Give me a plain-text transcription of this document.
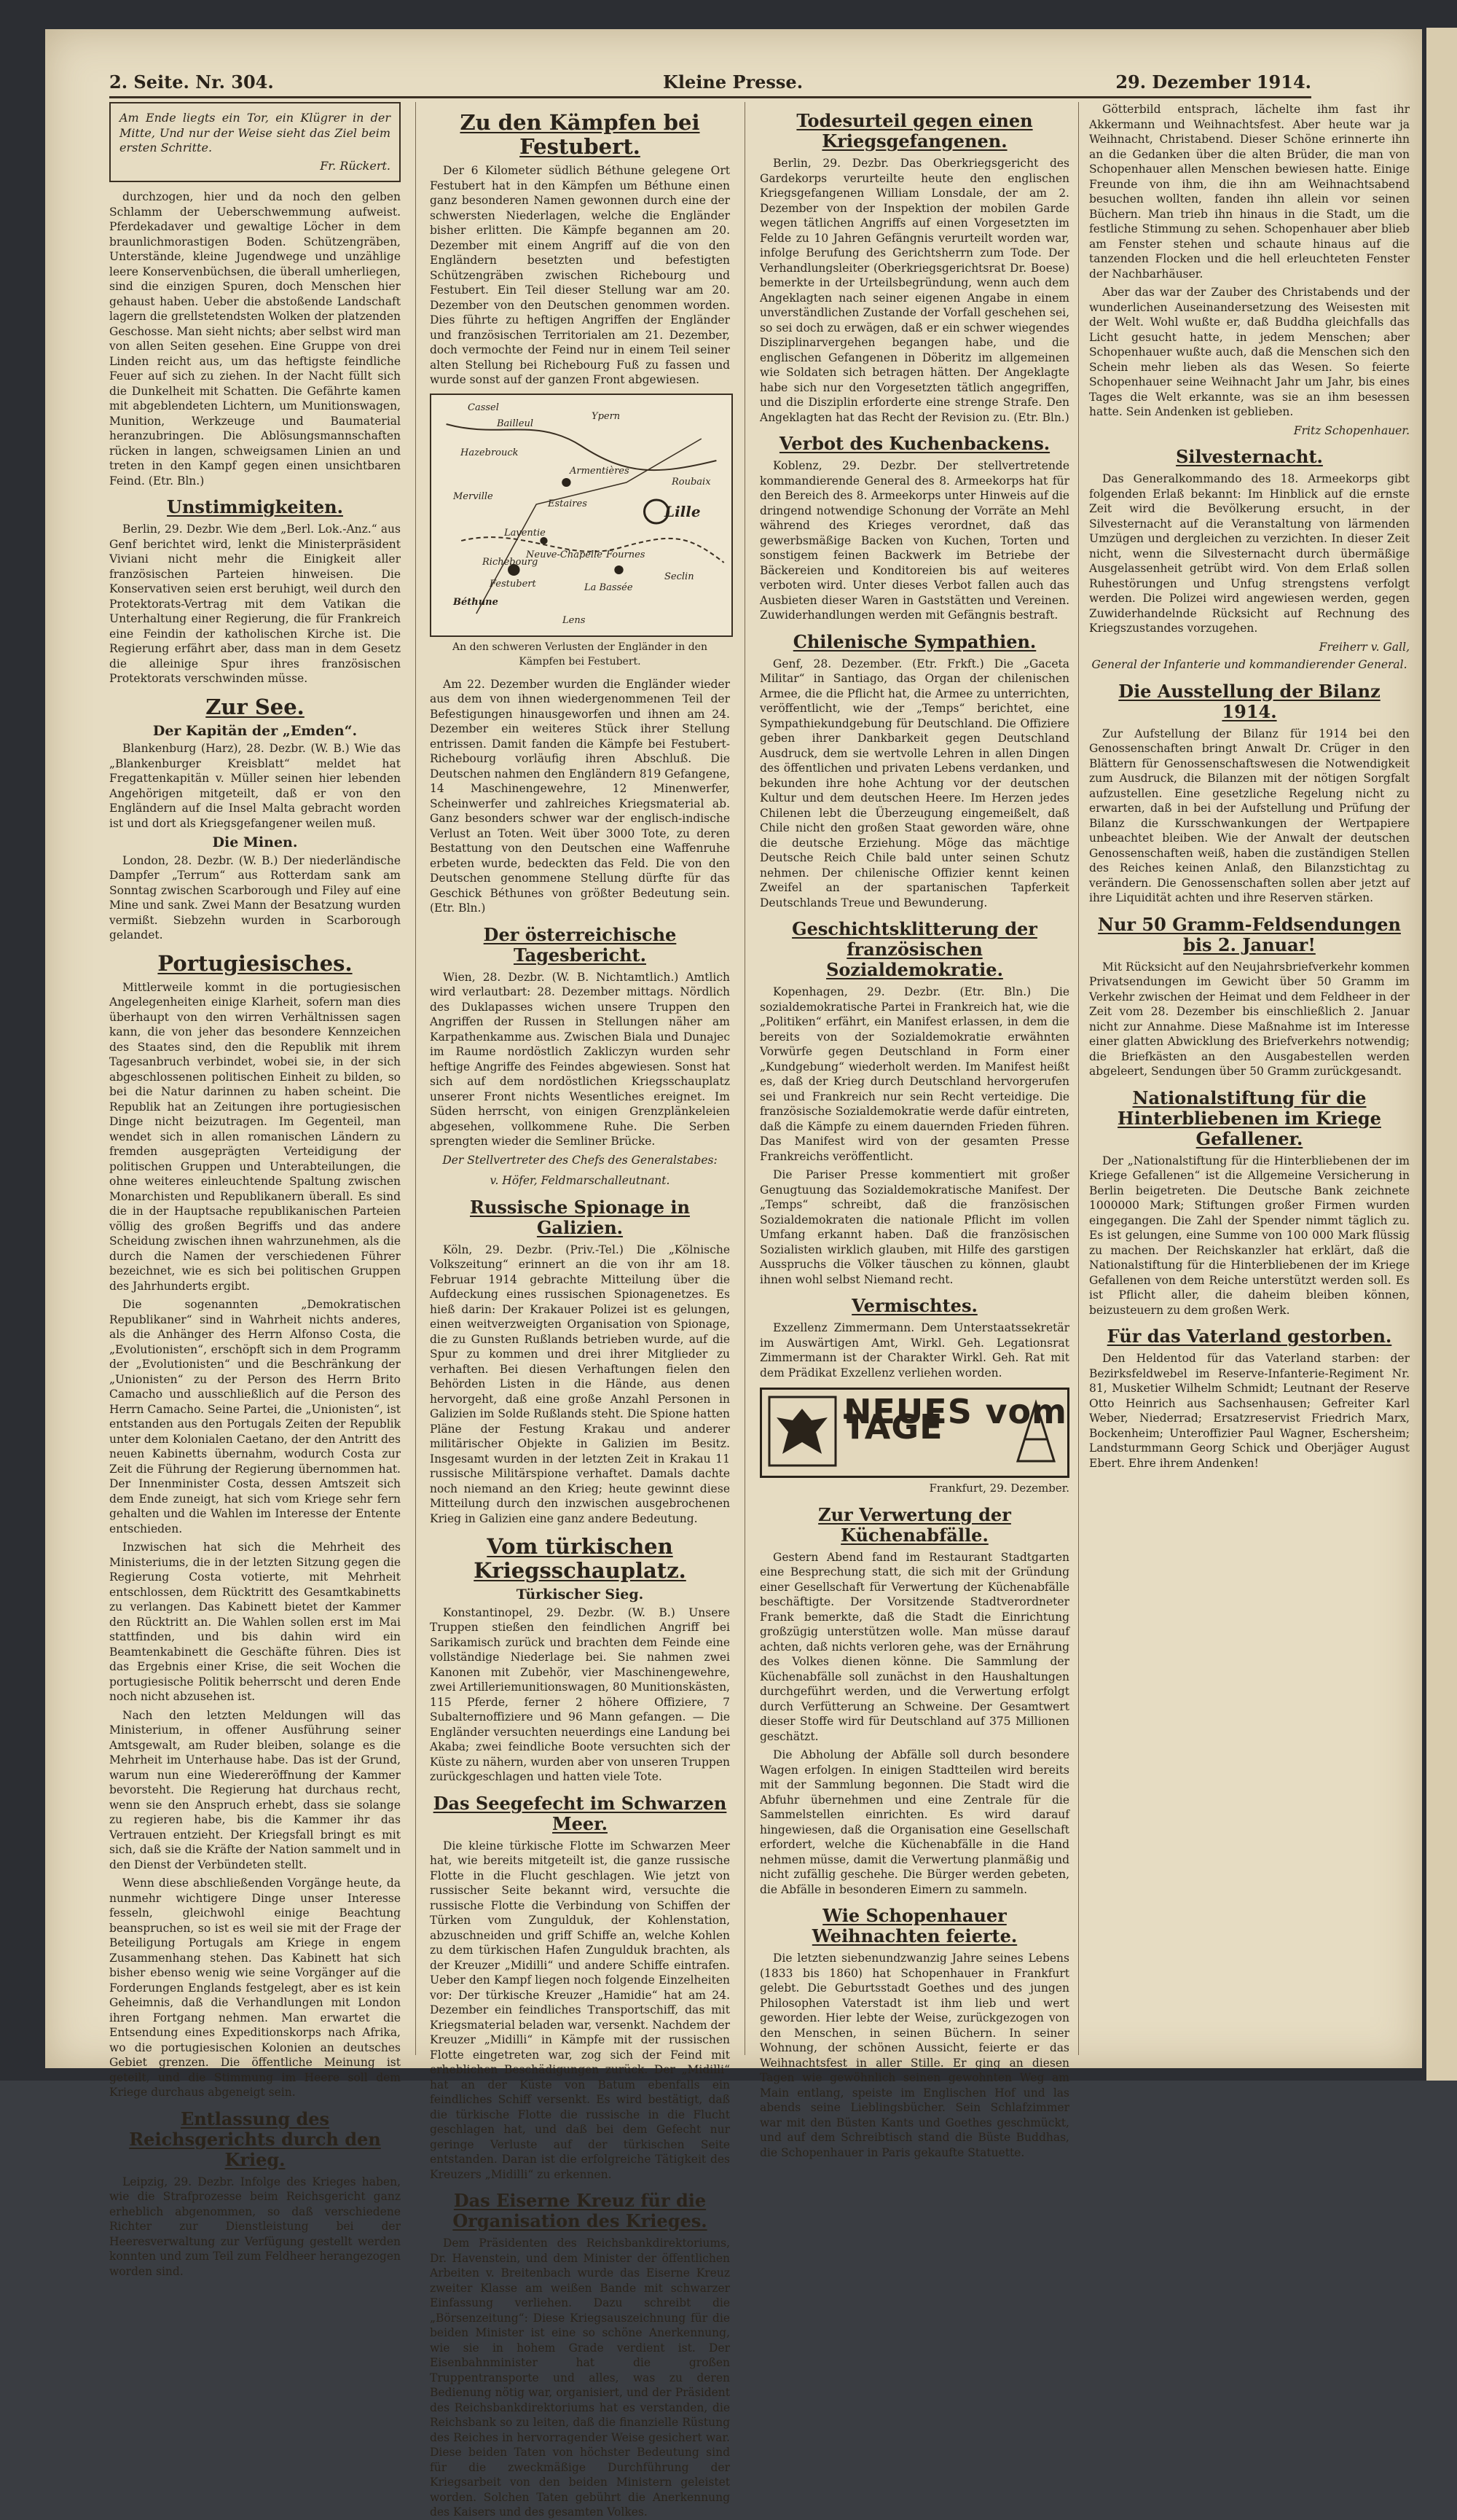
2. Seite. Nr. 304.	Kleine Presse.	29. Dezember 1914.
Am Ende liegts ein Tor, ein Klügrer in der Mitte, Und nur der Weise sieht das Ziel beim ersten Schritte.
Fr. Rückert.

durchzogen, hier und da noch den gelben Schlamm der Ueberschwemmung aufweist. Pferdekadaver und gewaltige Löcher in dem braunlichmorastigen Boden. Schützengräben, Unterstände, kleine Jugendwege und unzählige leere Konservenbüchsen, die überall umherliegen, sind die einzigen Spuren, doch Menschen hier gehaust haben. Ueber die abstoßende Landschaft lagern die grellstetendsten Wolken der platzenden Geschosse. Man sieht nichts; aber selbst wird man von allen Seiten gesehen. Eine Gruppe von drei Linden reicht aus, um das heftigste feindliche Feuer auf sich zu ziehen. In der Nacht füllt sich die Dunkelheit mit Schatten. Die Gefährte kamen mit abgeblendeten Lichtern, um Munitionswagen, Munition, Werkzeuge und Baumaterial heranzubringen. Die Ablösungsmannschaften rücken in langen, schweigsamen Linien an und treten in den Kampf gegen einen unsichtbaren Feind. (Etr. Bln.)

Unstimmigkeiten.

Berlin, 29. Dezbr. Wie dem „Berl. Lok.-Anz.“ aus Genf berichtet wird, lenkt die Ministerpräsident Viviani nicht mehr die Einigkeit aller französischen Parteien hinweisen. Die Konservativen seien erst beruhigt, weil durch den Protektorats-Vertrag mit dem Vatikan die Unterhaltung einer Regierung, die für Frankreich eine Feindin der katholischen Kirche ist. Die Regierung erfährt aber, dass man in dem Gesetz die alleinige Spur ihres französischen Protektorats verschwinden müsse.

Zur See.
Der Kapitän der „Emden“.

Blankenburg (Harz), 28. Dezbr. (W. B.) Wie das „Blankenburger Kreisblatt“ meldet hat Fregattenkapitän v. Müller seinen hier lebenden Angehörigen mitgeteilt, daß er von den Engländern auf die Insel Malta gebracht worden ist und dort als Kriegsgefangener weilen muß.

Die Minen.

London, 28. Dezbr. (W. B.) Der niederländische Dampfer „Terrum“ aus Rotterdam sank am Sonntag zwischen Scarborough und Filey auf eine Mine und sank. Zwei Mann der Besatzung wurden vermißt. Siebzehn wurden in Scarborough gelandet.

Portugiesisches.

Mittlerweile kommt in die portugiesischen Angelegenheiten einige Klarheit, sofern man dies überhaupt von den wirren Verhältnissen sagen kann, die von jeher das besondere Kennzeichen des Staates sind, den die Republik mit ihrem Tagesanbruch verbindet, wobei sie, in der sich abgeschlossenen politischen Einheit zu bilden, so bei die Natur darinnen zu haben scheint. Die Republik hat an Zeitungen ihre portugiesischen Dinge nicht beizutragen. Im Gegenteil, man wendet sich in allen romanischen Ländern zu fremden ausgeprägten Verteidigung der politischen Gruppen und Unterabteilungen, die ohne weiteres einleuchtende Spaltung zwischen Monarchisten und Republikanern überall. Es sind die in der Hauptsache republikanischen Parteien völlig des großen Begriffs und das andere Scheidung zwischen ihnen wahrzunehmen, als die durch die Namen der verschiedenen Führer bezeichnet, wie es sich bei politischen Gruppen des Jahrhunderts ergibt.

Die sogenannten „Demokratischen Republikaner“ sind in Wahrheit nichts anderes, als die Anhänger des Herrn Alfonso Costa, die „Evolutionisten“, erschöpft sich in dem Programm der „Evolutionisten“ und die Beschränkung der „Unionisten“ zu der Person des Herrn Brito Camacho und ausschließlich auf die Person des Herrn Camacho. Seine Partei, die „Unionisten“, ist entstanden aus den Portugals Zeiten der Republik unter dem Kolonialen Caetano, der den Antritt des neuen Kabinetts übernahm, wodurch Costa zur Zeit die Führung der Regierung übernommen hat. Der Innenminister Costa, dessen Amtszeit sich dem Ende zuneigt, hat sich vom Kriege sehr fern gehalten und die Wahlen im Interesse der Entente entschieden.

Inzwischen hat sich die Mehrheit des Ministeriums, die in der letzten Sitzung gegen die Regierung Costa votierte, mit Mehrheit entschlossen, dem Rücktritt des Gesamtkabinetts zu verlangen. Das Kabinett bietet der Kammer den Rücktritt an. Die Wahlen sollen erst im Mai stattfinden, und bis dahin wird ein Beamtenkabinett die Geschäfte führen. Dies ist das Ergebnis einer Krise, die seit Wochen die portugiesische Politik beherrscht und deren Ende noch nicht abzusehen ist.

Nach den letzten Meldungen will das Ministerium, in offener Ausführung seiner Amtsgewalt, am Ruder bleiben, solange es die Mehrheit im Unterhause habe. Das ist der Grund, warum nun eine Wiedereröffnung der Kammer bevorsteht. Die Regierung hat durchaus recht, wenn sie den Anspruch erhebt, dass sie solange zu regieren habe, bis die Kammer ihr das Vertrauen entzieht. Der Kriegsfall bringt es mit sich, daß sie die Kräfte der Nation sammelt und in den Dienst der Verbündeten stellt.

Wenn diese abschließenden Vorgänge heute, da nunmehr wichtigere Dinge unser Interesse fesseln, gleichwohl einige Beachtung beanspruchen, so ist es weil sie mit der Frage der Beteiligung Portugals am Kriege in engem Zusammenhang stehen. Das Kabinett hat sich bisher ebenso wenig wie seine Vorgänger auf die Forderungen Englands festgelegt, aber es ist kein Geheimnis, daß die Verhandlungen mit London ihren Fortgang nehmen. Man erwartet die Entsendung eines Expeditionskorps nach Afrika, wo die portugiesischen Kolonien an deutsches Gebiet grenzen. Die öffentliche Meinung ist geteilt, und die Stimmung im Heere soll dem Kriege durchaus abgeneigt sein.

Entlassung des Reichsgerichts durch den Krieg.

Leipzig, 29. Dezbr. Infolge des Krieges haben, wie die Strafprozesse beim Reichsgericht ganz erheblich abgenommen, so daß verschiedene Richter zur Dienstleistung bei der Heeresverwaltung zur Verfügung gestellt werden konnten und zum Teil zum Feldheer herangezogen worden sind.

Zu den Kämpfen bei Festubert.

Der 6 Kilometer südlich Béthune gelegene Ort Festubert hat in den Kämpfen um Béthune einen ganz besonderen Namen gewonnen durch eine der schwersten Niederlagen, welche die Engländer bisher erlitten. Die Kämpfe begannen am 20. Dezember mit einem Angriff auf die von den Engländern besetzten und befestigten Schützengräben zwischen Richebourg und Festubert. Ein Teil dieser Stellung war am 20. Dezember von den Deutschen genommen worden. Dies führte zu heftigen Angriffen der Engländer und französischen Territorialen am 21. Dezember, doch vermochte der Feind nur in einem Teil seiner alten Stellung bei Richebourg Fuß zu fassen und wurde sonst auf der ganzen Front abgewiesen.

Cassel
Bailleul
Ypern
Armentières
Hazebrouck
Estaires
Merville
Lille
Roubaix
Laventie
Neuve-Chapelle
Richebourg
Festubert
Béthune
La Bassée
Fournes
Seclin
Lens
An den schweren Verlusten der Engländer in den Kämpfen bei Festubert.

Am 22. Dezember wurden die Engländer wieder aus dem von ihnen wiedergenommenen Teil der Befestigungen hinausgeworfen und ihnen am 24. Dezember ein weiteres Stück ihrer Stellung entrissen. Damit fanden die Kämpfe bei Festubert-Richebourg vorläufig ihren Abschluß. Die Deutschen nahmen den Engländern 819 Gefangene, 14 Maschinengewehre, 12 Minenwerfer, Scheinwerfer und zahlreiches Kriegsmaterial ab. Ganz besonders schwer war der englisch-indische Verlust an Toten. Weit über 3000 Tote, zu deren Bestattung von den Deutschen eine Waffenruhe erbeten wurde, bedeckten das Feld. Die von den Deutschen genommene Stellung dürfte für das Geschick Béthunes von größter Bedeutung sein. (Etr. Bln.)

Der österreichische Tagesbericht.

Wien, 28. Dezbr. (W. B. Nichtamtlich.) Amtlich wird verlautbart: 28. Dezember mittags. Nördlich des Duklapasses wichen unsere Truppen den Angriffen der Russen in Stellungen näher am Karpathenkamme aus. Zwischen Biala und Dunajec im Raume nordöstlich Zakliczyn wurden sehr heftige Angriffe des Feindes abgewiesen. Sonst hat sich auf dem nordöstlichen Kriegsschauplatz unserer Front nichts Wesentliches ereignet. Im Süden herrscht, von einigen Grenzplänkeleien abgesehen, vollkommene Ruhe. Die Serben sprengten wieder die Semliner Brücke.

Der Stellvertreter des Chefs des Generalstabes:
v. Höfer, Feldmarschalleutnant.
Russische Spionage in Galizien.

Köln, 29. Dezbr. (Priv.-Tel.) Die „Kölnische Volkszeitung“ erinnert an die von ihr am 18. Februar 1914 gebrachte Mitteilung über die Aufdeckung eines russischen Spionagenetzes. Es hieß darin: Der Krakauer Polizei ist es gelungen, einen weitverzweigten Organisation von Spionage, die zu Gunsten Rußlands betrieben wurde, auf die Spur zu kommen und drei ihrer Mitglieder zu verhaften. Bei diesen Verhaftungen fielen den Behörden Listen in die Hände, aus denen hervorgeht, daß eine große Anzahl Personen in Galizien im Solde Rußlands steht. Die Spione hatten Pläne der Festung Krakau und anderer militärischer Objekte in Galizien im Besitz. Insgesamt wurden in der letzten Zeit in Krakau 11 russische Militärspione verhaftet. Damals dachte noch niemand an den Krieg; heute gewinnt diese Mitteilung durch den inzwischen ausgebrochenen Krieg in Galizien eine ganz andere Bedeutung.

Vom türkischen Kriegsschauplatz.
Türkischer Sieg.

Konstantinopel, 29. Dezbr. (W. B.) Unsere Truppen stießen den feindlichen Angriff bei Sarikamisch zurück und brachten dem Feinde eine vollständige Niederlage bei. Sie nahmen zwei Kanonen mit Zubehör, vier Maschinengewehre, zwei Artilleriemunitionswagen, 80 Munitionskästen, 115 Pferde, ferner 2 höhere Offiziere, 7 Subalternoffiziere und 96 Mann gefangen. — Die Engländer versuchten neuerdings eine Landung bei Akaba; zwei feindliche Boote versuchten sich der Küste zu nähern, wurden aber von unseren Truppen zurückgeschlagen und hatten viele Tote.

Das Seegefecht im Schwarzen Meer.

Die kleine türkische Flotte im Schwarzen Meer hat, wie bereits mitgeteilt ist, die ganze russische Flotte in die Flucht geschlagen. Wie jetzt von russischer Seite bekannt wird, versuchte die russische Flotte die Verbindung von Schiffen der Türken vom Zungulduk, der Kohlenstation, abzuschneiden und griff Schiffe an, welche Kohlen zu dem türkischen Hafen Zungulduk brachten, als der Kreuzer „Midilli“ und andere Schiffe eintrafen. Ueber den Kampf liegen noch folgende Einzelheiten vor: Der türkische Kreuzer „Hamidie“ hat am 24. Dezember ein feindliches Transportschiff, das mit Kriegsmaterial beladen war, versenkt. Nachdem der Kreuzer „Midilli“ in Kämpfe mit der russischen Flotte eingetreten war, zog sich der Feind mit erheblichen Beschädigungen zurück. Der „Midilli“ hat an der Küste von Batum ebenfalls ein feindliches Schiff versenkt. Es wird bestätigt, daß die türkische Flotte die russische in die Flucht geschlagen hat, und daß bei dem Gefecht nur geringe Verluste auf der türkischen Seite entstanden. Daran ist die erfolgreiche Tätigkeit des Kreuzers „Midilli“ zu erkennen.

Das Eiserne Kreuz für die Organisation des Krieges.

Dem Präsidenten des Reichsbankdirektoriums, Dr. Havenstein, und dem Minister der öffentlichen Arbeiten v. Breitenbach wurde das Eiserne Kreuz zweiter Klasse am weißen Bande mit schwarzer Einfassung verliehen. Dazu schreibt die „Börsenzeitung“: Diese Kriegsauszeichnung für die beiden Minister ist eine so schöne Anerkennung, wie sie in hohem Grade verdient ist. Der Eisenbahnminister hat die großen Truppentransporte und alles, was zu deren Bedienung nötig war, organisiert, und der Präsident des Reichsbankdirektoriums hat es verstanden, die Reichsbank so zu leiten, daß die finanzielle Rüstung des Reiches in hervorragender Weise gesichert war. Diese beiden Taten von höchster Bedeutung sind für die zweckmäßige Durchführung der Kriegsarbeit von den beiden Ministern geleistet worden. Solchen Taten gebührt die Anerkennung des Kaisers und des gesamten Volkes.

Todesurteil gegen einen Kriegsgefangenen.

Berlin, 29. Dezbr. Das Oberkriegsgericht des Gardekorps verurteilte heute den englischen Kriegsgefangenen William Lonsdale, der am 2. Dezember von der Inspektion der mobilen Garde wegen tätlichen Angriffs auf einen Vorgesetzten im Felde zu 10 Jahren Gefängnis verurteilt worden war, infolge Berufung des Gerichtsherrn zum Tode. Der Verhandlungsleiter (Oberkriegsgerichtsrat Dr. Boese) bemerkte in der Urteilsbegründung, wenn auch dem Angeklagten nach seiner eigenen Angabe in einem unverständlichen Zustande der Vorfall geschehen sei, so sei doch zu erwägen, daß er ein schwer wiegendes Disziplinarvergehen begangen habe, und die englischen Gefangenen in Döberitz im allgemeinen wie Soldaten sich betragen hätten. Der Angeklagte habe sich nur den Vorgesetzten tätlich angegriffen, und die Disziplin erforderte eine strenge Strafe. Den Angeklagten hat das Recht der Revision zu. (Etr. Bln.)

Verbot des Kuchenbackens.

Koblenz, 29. Dezbr. Der stellvertretende kommandierende General des 8. Armeekorps hat für den Bereich des 8. Armeekorps unter Hinweis auf die dringend notwendige Schonung der Vorräte an Mehl während des Krieges verordnet, daß das gewerbsmäßige Backen von Kuchen, Torten und sonstigem feinen Backwerk im Betriebe der Bäckereien und Konditoreien bis auf weiteres verboten wird. Unter dieses Verbot fallen auch das Ausbieten dieser Waren in Gaststätten und Vereinen. Zuwiderhandlungen werden mit Gefängnis bestraft.

Chilenische Sympathien.

Genf, 28. Dezember. (Etr. Frkft.) Die „Gaceta Militar“ in Santiago, das Organ der chilenischen Armee, die die Pflicht hat, die Armee zu unterrichten, veröffentlicht, wie der „Temps“ berichtet, eine Sympathiekundgebung für Deutschland. Die Offiziere geben ihrer Dankbarkeit gegen Deutschland Ausdruck, dem sie wertvolle Lehren in allen Dingen des öffentlichen und privaten Lebens verdanken, und bekunden ihre hohe Achtung vor der deutschen Kultur und dem deutschen Heere. Im Herzen jedes Chilenen lebt die Überzeugung eingemeißelt, daß Chile nicht den großen Staat geworden wäre, ohne die deutsche Erziehung. Möge das mächtige Deutsche Reich Chile bald unter seinen Schutz nehmen. Der chilenische Offizier kennt keinen Zweifel an der spartanischen Tapferkeit Deutschlands Treue und Bewunderung.

Geschichtsklitterung der französischen Sozialdemokratie.

Kopenhagen, 29. Dezbr. (Etr. Bln.) Die sozialdemokratische Partei in Frankreich hat, wie die „Politiken“ erfährt, ein Manifest erlassen, in dem die bereits von der Sozialdemokratie erwähnten Vorwürfe gegen Deutschland in Form einer „Kundgebung“ wiederholt werden. Im Manifest heißt es, daß der Krieg durch Deutschland hervorgerufen sei und Frankreich nur sein Recht verteidige. Die französische Sozialdemokratie werde dafür eintreten, daß die Kämpfe zu einem dauernden Frieden führen. Das Manifest wird von der gesamten Presse Frankreichs veröffentlicht.

Die Pariser Presse kommentiert mit großer Genugtuung das Sozialdemokratische Manifest. Der „Temps“ schreibt, daß die französischen Sozialdemokraten die nationale Pflicht im vollen Umfang erkannt haben. Daß die französischen Sozialisten wirklich glauben, mit Hilfe des garstigen Ausspruchs die Völker täuschen zu können, glaubt ihnen wohl selbst Niemand recht.

Vermischtes.

Exzellenz Zimmermann. Dem Unterstaatssekretär im Auswärtigen Amt, Wirkl. Geh. Legationsrat Zimmermann ist der Charakter Wirkl. Geh. Rat mit dem Prädikat Exzellenz verliehen worden.

NEUES vom TAGE
Frankfurt, 29. Dezember.
Zur Verwertung der Küchenabfälle.

Gestern Abend fand im Restaurant Stadtgarten eine Besprechung statt, die sich mit der Gründung einer Gesellschaft für Verwertung der Küchenabfälle beschäftigte. Der Vorsitzende Stadtverordneter Frank bemerkte, daß die Stadt die Einrichtung großzügig unterstützen wolle. Man müsse darauf achten, daß nichts verloren gehe, was der Ernährung des Volkes dienen könne. Die Sammlung der Küchenabfälle soll zunächst in den Haushaltungen durchgeführt werden, und die Verwertung erfolgt durch Verfütterung an Schweine. Der Gesamtwert dieser Stoffe wird für Deutschland auf 375 Millionen geschätzt.

Die Abholung der Abfälle soll durch besondere Wagen erfolgen. In einigen Stadtteilen wird bereits mit der Sammlung begonnen. Die Stadt wird die Abfuhr übernehmen und eine Zentrale für die Sammelstellen einrichten. Es wird darauf hingewiesen, daß die Organisation eine Gesellschaft erfordert, welche die Küchenabfälle in die Hand nehmen müsse, damit die Verwertung planmäßig und nicht zufällig geschehe. Die Bürger werden gebeten, die Abfälle in besonderen Eimern zu sammeln.

Wie Schopenhauer Weihnachten feierte.

Die letzten siebenundzwanzig Jahre seines Lebens (1833 bis 1860) hat Schopenhauer in Frankfurt gelebt. Die Geburtsstadt Goethes und des jungen Philosophen Vaterstadt ist ihm lieb und wert geworden. Hier lebte der Weise, zurückgezogen von den Menschen, in seinen Büchern. In seiner Wohnung, der schönen Aussicht, feierte er das Weihnachtsfest in aller Stille. Er ging an diesen Tagen wie gewöhnlich seinen gewohnten Weg am Main entlang, speiste im Englischen Hof und las abends seine Lieblingsbücher. Sein Schlafzimmer war mit den Büsten Kants und Goethes geschmückt, und auf dem Schreibtisch stand die Büste Buddhas, die Schopenhauer in Paris gekaufte Statuette.

Götterbild entsprach, lächelte ihm fast ihr Akkermann und Weihnachtsfest. Aber heute war ja Weihnacht, Christabend. Dieser Schöne erinnerte ihn an die Gedanken über die alten Brüder, die man von Schopenhauer allen Menschen bewiesen hatte. Einige Freunde von ihm, die ihn am Weihnachtsabend besuchen wollten, fanden ihn allein vor seinen Büchern. Man trieb ihn hinaus in die Stadt, um die festliche Stimmung zu sehen. Schopenhauer aber blieb am Fenster stehen und schaute hinaus auf die tanzenden Flocken und die hell erleuchteten Fenster der Nachbarhäuser.

Aber das war der Zauber des Christabends und der wunderlichen Auseinandersetzung des Weisesten mit der Welt. Wohl wußte er, daß Buddha gleichfalls das Licht gesucht hatte, in jedem Menschen; aber Schopenhauer wußte auch, daß die Menschen sich den Schein mehr lieben als das Wesen. So feierte Schopenhauer seine Weihnacht Jahr um Jahr, bis eines Tages die Welt erkannte, was sie an ihm besessen hatte. Sein Andenken ist geblieben.

Fritz Schopenhauer.
Silvesternacht.

Das Generalkommando des 18. Armeekorps gibt folgenden Erlaß bekannt: Im Hinblick auf die ernste Zeit wird die Bevölkerung ersucht, in der Silvesternacht auf die Veranstaltung von lärmenden Umzügen und dergleichen zu verzichten. In dieser Zeit nicht, wenn die Silvesternacht durch übermäßige Ausgelassenheit getrübt wird. Von dem Erlaß sollen Ruhestörungen und Unfug strengstens verfolgt werden. Die Polizei wird angewiesen werden, gegen Zuwiderhandelnde Rücksicht auf Rechnung des Kriegszustandes vorzugehen.

Freiherr v. Gall,
General der Infanterie und kommandierender General.
Die Ausstellung der Bilanz 1914.

Zur Aufstellung der Bilanz für 1914 bei den Genossenschaften bringt Anwalt Dr. Crüger in den Blättern für Genossenschaftswesen die Notwendigkeit zum Ausdruck, die Bilanzen mit der nötigen Sorgfalt aufzustellen. Eine gesetzliche Regelung nicht zu erwarten, daß in bei der Aufstellung und Prüfung der Bilanz die Kursschwankungen der Wertpapiere unbeachtet bleiben. Wie der Anwalt der deutschen Genossenschaften weiß, haben die zuständigen Stellen des Reiches keinen Anlaß, den Bilanzstichtag zu verändern. Die Genossenschaften sollen aber jetzt auf ihre Liquidität achten und ihre Reserven stärken.

Nur 50 Gramm-Feldsendungen bis 2. Januar!

Mit Rücksicht auf den Neujahrsbriefverkehr kommen Privatsendungen im Gewicht über 50 Gramm im Verkehr zwischen der Heimat und dem Feldheer in der Zeit vom 28. Dezember bis einschließlich 2. Januar nicht zur Annahme. Diese Maßnahme ist im Interesse einer glatten Abwicklung des Briefverkehrs notwendig; die Briefkästen an den Ausgabestellen werden abgeleert, Sendungen über 50 Gramm zurückgesandt.

Nationalstiftung für die Hinterbliebenen im Kriege Gefallener.

Der „Nationalstiftung für die Hinterbliebenen der im Kriege Gefallenen“ ist die Allgemeine Versicherung in Berlin beigetreten. Die Deutsche Bank zeichnete 1000000 Mark; Stiftungen großer Firmen wurden eingegangen. Die Zahl der Spender nimmt täglich zu. Es ist gelungen, eine Summe von 100 000 Mark flüssig zu machen. Der Reichskanzler hat erklärt, daß die Nationalstiftung für die Hinterbliebenen der im Kriege Gefallenen von dem Reiche unterstützt werden soll. Es ist Pflicht aller, die daheim bleiben können, beizusteuern zu dem großen Werk.

Für das Vaterland gestorben.

Den Heldentod für das Vaterland starben: der Bezirksfeldwebel im Reserve-Infanterie-Regiment Nr. 81, Musketier Wilhelm Schmidt; Leutnant der Reserve Otto Heinrich aus Sachsenhausen; Gefreiter Karl Weber, Niederrad; Ersatzreservist Friedrich Marx, Bockenheim; Unteroffizier Paul Wagner, Eschersheim; Landsturmmann Georg Schick und Oberjäger August Ebert. Ehre ihrem Andenken!
